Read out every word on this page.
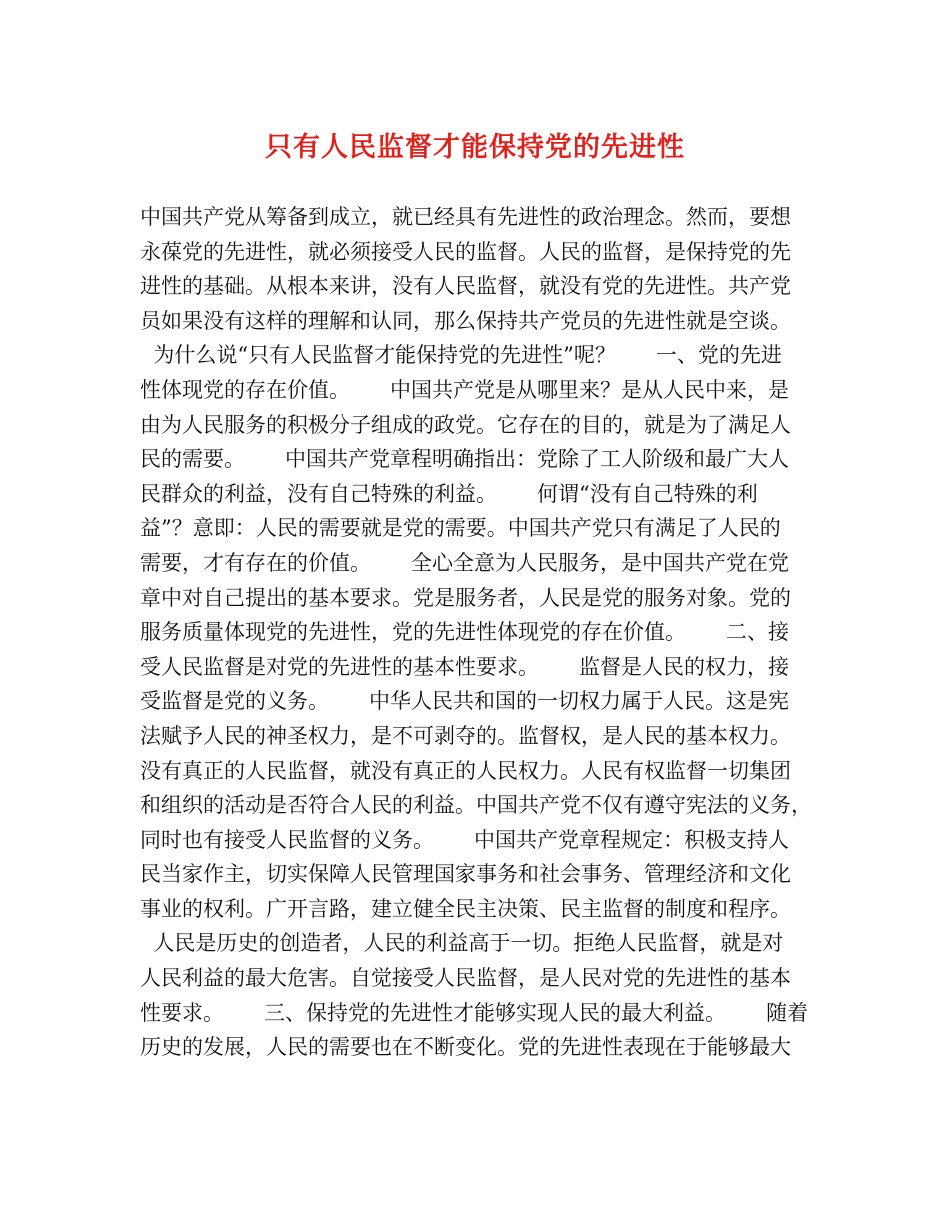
只有人民监督才能保持党的先进性
中国共产党从筹备到成立，就已经具有先进性的政治理念。然而，要想
永葆党的先进性，就必须接受人民的监督。人民的监督，是保持党的先
进性的基础。从根本来讲，没有人民监督，就没有党的先进性。共产党
员如果没有这样的理解和认同，那么保持共产党员的先进性就是空谈。
为什么说“只有人民监督才能保持党的先进性”呢？      一、党的先进
性体现党的存在价值。      中国共产党是从哪里来？是从人民中来，是
由为人民服务的积极分子组成的政党。它存在的目的，就是为了满足人
民的需要。      中国共产党章程明确指出：党除了工人阶级和最广大人
民群众的利益，没有自己特殊的利益。      何谓“没有自己特殊的利
益”？意即：人民的需要就是党的需要。中国共产党只有满足了人民的
需要，才有存在的价值。      全心全意为人民服务，是中国共产党在党
章中对自己提出的基本要求。党是服务者，人民是党的服务对象。党的
服务质量体现党的先进性，党的先进性体现党的存在价值。      二、接
受人民监督是对党的先进性的基本性要求。      监督是人民的权力，接
受监督是党的义务。      中华人民共和国的一切权力属于人民。这是宪
法赋予人民的神圣权力，是不可剥夺的。监督权，是人民的基本权力。
没有真正的人民监督，就没有真正的人民权力。人民有权监督一切集团
和组织的活动是否符合人民的利益。中国共产党不仅有遵守宪法的义务，
同时也有接受人民监督的义务。      中国共产党章程规定：积极支持人
民当家作主，切实保障人民管理国家事务和社会事务、管理经济和文化
事业的权利。广开言路，建立健全民主决策、民主监督的制度和程序。
人民是历史的创造者，人民的利益高于一切。拒绝人民监督，就是对
人民利益的最大危害。自觉接受人民监督，是人民对党的先进性的基本
性要求。      三、保持党的先进性才能够实现人民的最大利益。      随着
历史的发展，人民的需要也在不断变化。党的先进性表现在于能够最大
